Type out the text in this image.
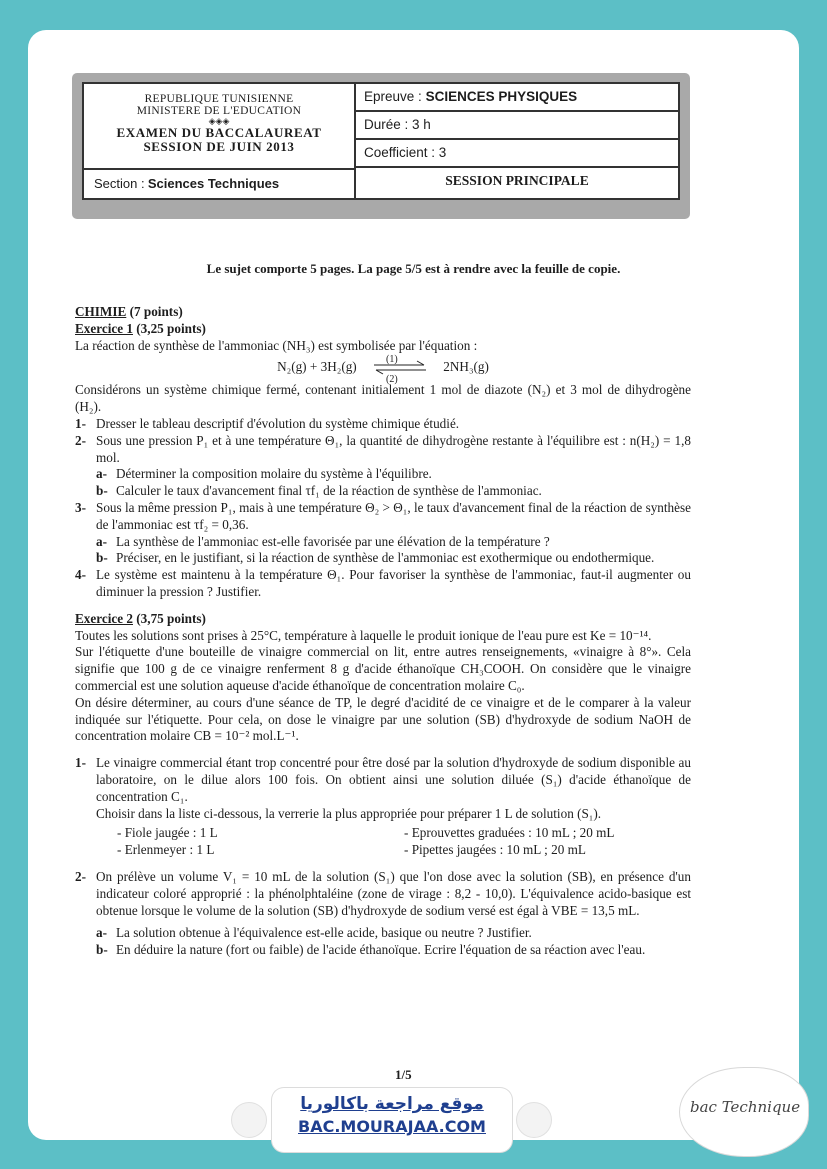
REPUBLIQUE TUNISIENNE
MINISTERE DE L'EDUCATION
◈◈◈
EXAMEN DU BACCALAUREAT
SESSION DE JUIN 2013
Section : Sciences Techniques
Epreuve : SCIENCES PHYSIQUES
Durée : 3 h
Coefficient : 3
SESSION PRINCIPALE
Le sujet comporte 5 pages. La page 5/5 est à rendre avec la feuille de copie.

CHIMIE (7 points)

Exercice 1 (3,25 points)

La réaction de synthèse de l'ammoniac (NH₃) est symbolisée par l'équation :

N₂(g) + 3H₂(g)	(1)
(2)
2NH₃(g)

Considérons un système chimique fermé, contenant initialement 1 mol de diazote (N₂) et 3 mol de dihydrogène (H₂).

1- Dresser le tableau descriptif d'évolution du système chimique étudié.
2- Sous une pression P₁ et à une température Θ₁, la quantité de dihydrogène restante à l'équilibre est : n(H₂) = 1,8 mol.
a- Déterminer la composition molaire du système à l'équilibre.
b- Calculer le taux d'avancement final τf₁ de la réaction de synthèse de l'ammoniac.
3- Sous la même pression P₁, mais à une température Θ₂ > Θ₁, le taux d'avancement final de la réaction de synthèse de l'ammoniac est τf₂ = 0,36.
a- La synthèse de l'ammoniac est-elle favorisée par une élévation de la température ?
b- Préciser, en le justifiant, si la réaction de synthèse de l'ammoniac est exothermique ou endothermique.
4- Le système est maintenu à la température Θ₁. Pour favoriser la synthèse de l'ammoniac, faut-il augmenter ou diminuer la pression ? Justifier.

Exercice 2 (3,75 points)

Toutes les solutions sont prises à 25°C, température à laquelle le produit ionique de l'eau pure est Ke = 10⁻¹⁴.

Sur l'étiquette d'une bouteille de vinaigre commercial on lit, entre autres renseignements, «vinaigre à 8°». Cela signifie que 100 g de ce vinaigre renferment 8 g d'acide éthanoïque CH₃COOH. On considère que le vinaigre commercial est une solution aqueuse d'acide éthanoïque de concentration molaire C₀.

On désire déterminer, au cours d'une séance de TP, le degré d'acidité de ce vinaigre et de le comparer à la valeur indiquée sur l'étiquette. Pour cela, on dose le vinaigre par une solution (SB) d'hydroxyde de sodium NaOH de concentration molaire CB = 10⁻² mol.L⁻¹.

1- Le vinaigre commercial étant trop concentré pour être dosé par la solution d'hydroxyde de sodium disponible au laboratoire, on le dilue alors 100 fois. On obtient ainsi une solution diluée (S₁) d'acide éthanoïque de concentration C₁.

Choisir dans la liste ci-dessous, la verrerie la plus appropriée pour préparer 1 L de solution (S₁).

- Fiole jaugée : 1 L	- Eprouvettes graduées : 10 mL ; 20 mL
- Erlenmeyer : 1 L	- Pipettes jaugées : 10 mL ; 20 mL
2- On prélève un volume V₁ = 10 mL de la solution (S₁) que l'on dose avec la solution (SB), en présence d'un indicateur coloré approprié : la phénolphtaléine (zone de virage : 8,2 - 10,0). L'équivalence acido-basique est obtenue lorsque le volume de la solution (SB) d'hydroxyde de sodium versé est égal à VBE = 13,5 mL.
a- La solution obtenue à l'équivalence est-elle acide, basique ou neutre ? Justifier.
b- En déduire la nature (fort ou faible) de l'acide éthanoïque. Ecrire l'équation de sa réaction avec l'eau.
1/5
موقع مراجعة باكالوريا
BAC.MOURAJAA.COM
bac Technique
